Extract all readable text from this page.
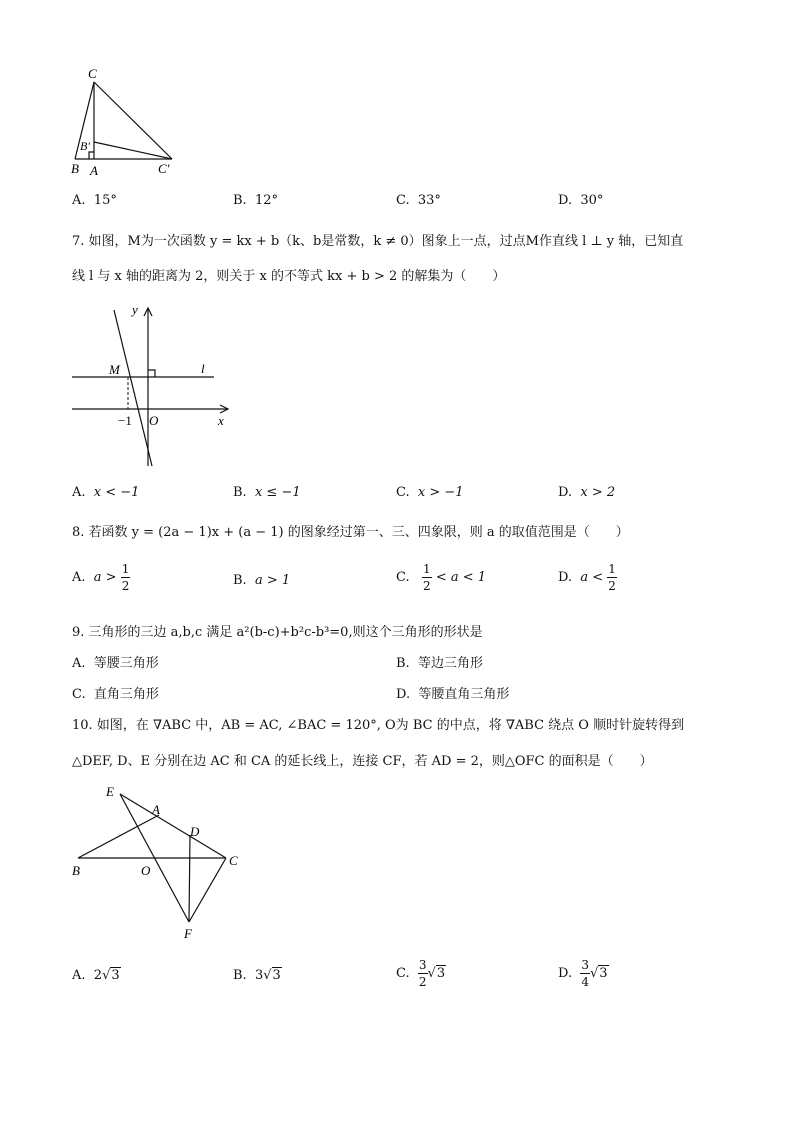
C
B'
B A	C'
A. 15°	B. 12°	C. 33°	D. 30°
7. 如图，M为一次函数 y = kx + b（k、b是常数，k ≠ 0）图象上一点，过点M作直线 l ⊥ y 轴，已知直
线 l 与 x 轴的距离为 2，则关于 x 的不等式 kx + b > 2 的解集为（　　）
y
M	l
−1 O	x
A. x < −1	B. x ≤ −1	C. x > −1	D. x > 2
8. 若函数 y = (2a − 1)x + (a − 1) 的图象经过第一、三、四象限，则 a 的取值范围是（　　）
A. $a > \frac{1}{2}$	B. a > 1	C. $\frac{1}{2} < a < 1$	D. $a < \frac{1}{2}$
9. 三角形的三边 a,b,c 满足 a²(b-c)+b²c-b³=0,则这个三角形的形状是
A. 等腰三角形	B. 等边三角形
C. 直角三角形	D. 等腰直角三角形
10. 如图，在 ∇ABC 中，AB = AC, ∠BAC = 120°, O为 BC 的中点，将 ∇ABC 绕点 O 顺时针旋转得到
△DEF, D、E 分别在边 AC 和 CA 的延长线上，连接 CF，若 AD = 2，则△OFC 的面积是（　　）
E
A
D
B	O
C
F
A. 2√3	B. 3√3	C. $\frac{3}{2} √3$	D. $\frac{3}{4} √3$
